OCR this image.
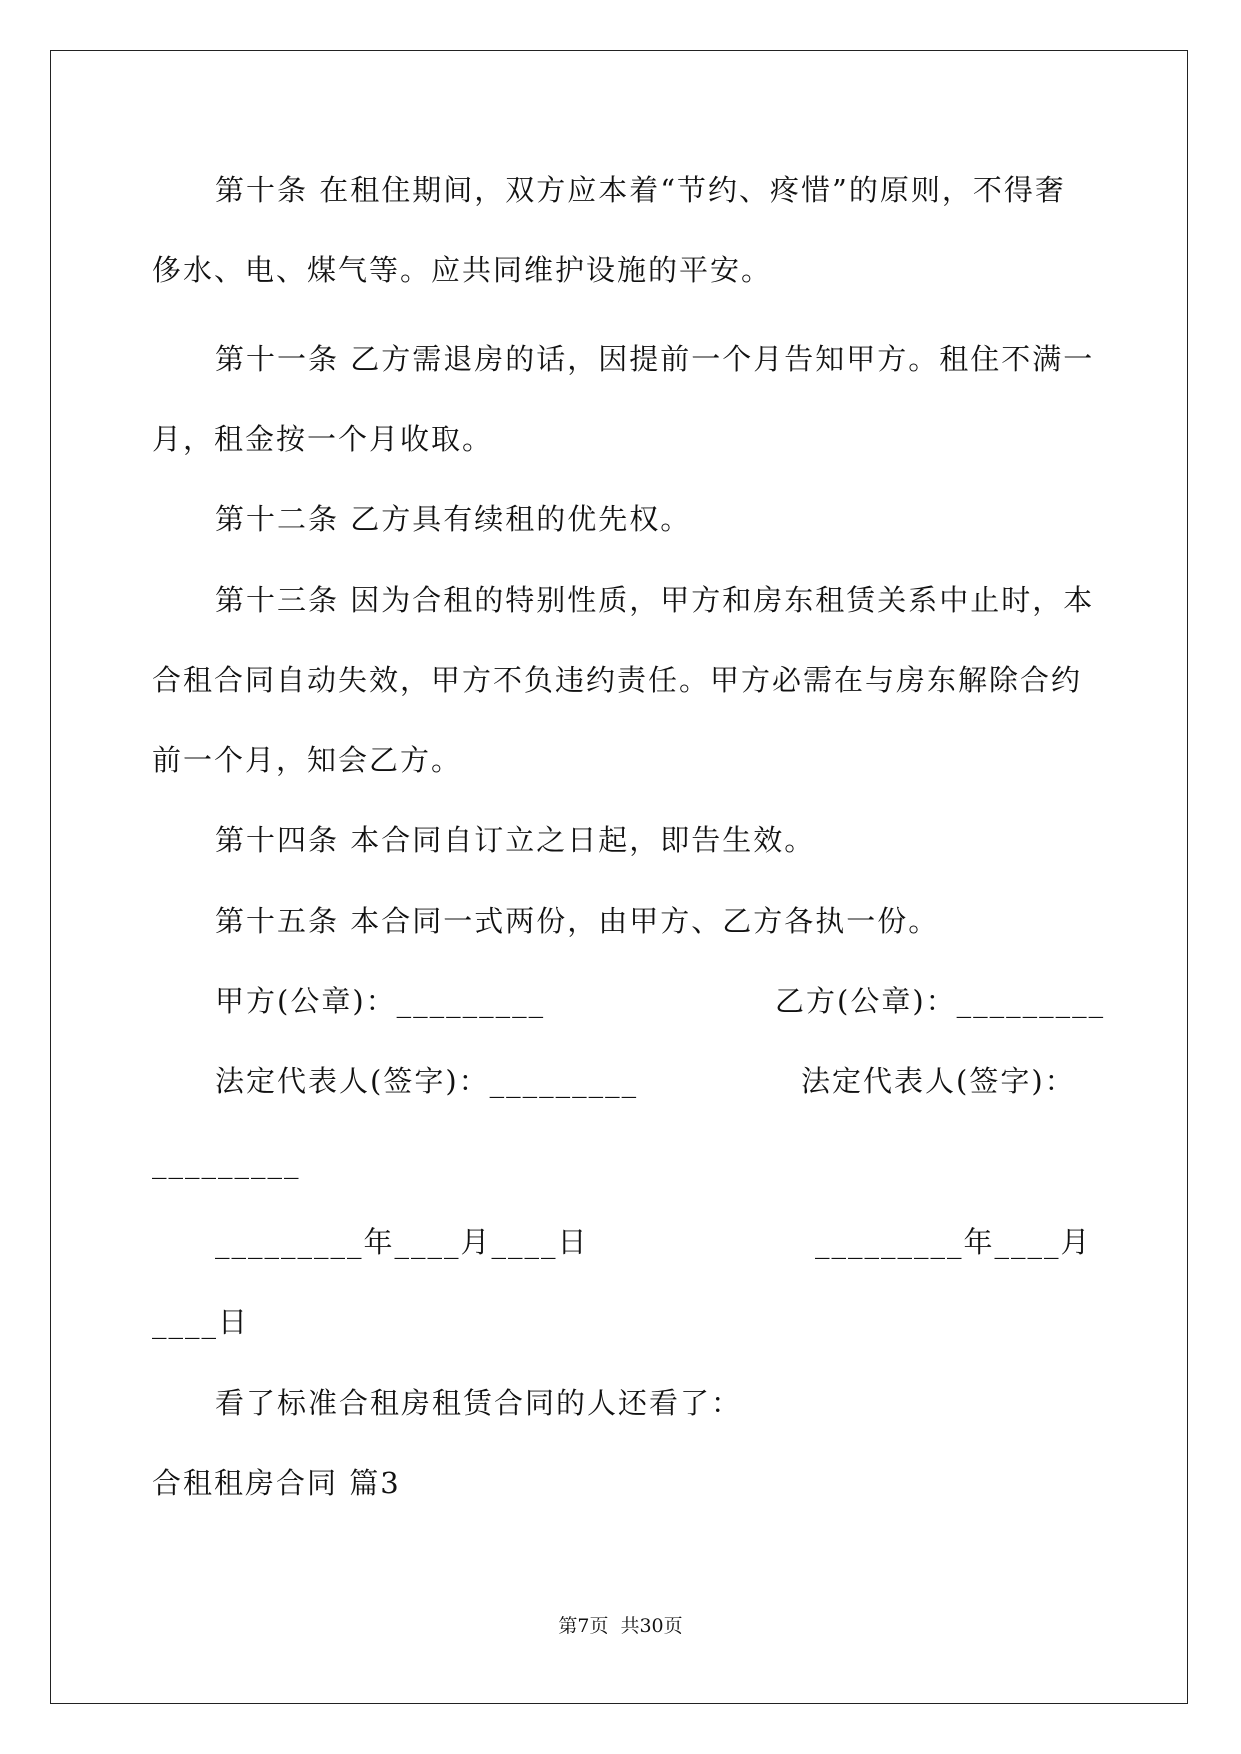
第十条 在租住期间，双方应本着“节约、疼惜”的原则，不得奢
侈水、电、煤气等。应共同维护设施的平安。
第十一条 乙方需退房的话，因提前一个月告知甲方。租住不满一
月，租金按一个月收取。
第十二条 乙方具有续租的优先权。
第十三条 因为合租的特别性质，甲方和房东租赁关系中止时，本
合租合同自动失效，甲方不负违约责任。甲方必需在与房东解除合约
前一个月，知会乙方。
第十四条 本合同自订立之日起，即告生效。
第十五条 本合同一式两份，由甲方、乙方各执一份。
甲方(公章)：_________	乙方(公章)：_________
法定代表人(签字)：_________	法定代表人(签字)：
_________
_________年____月____日	_________年____月
____日
看了标准合租房租赁合同的人还看了：
合租租房合同 篇3
第7页 共30页
